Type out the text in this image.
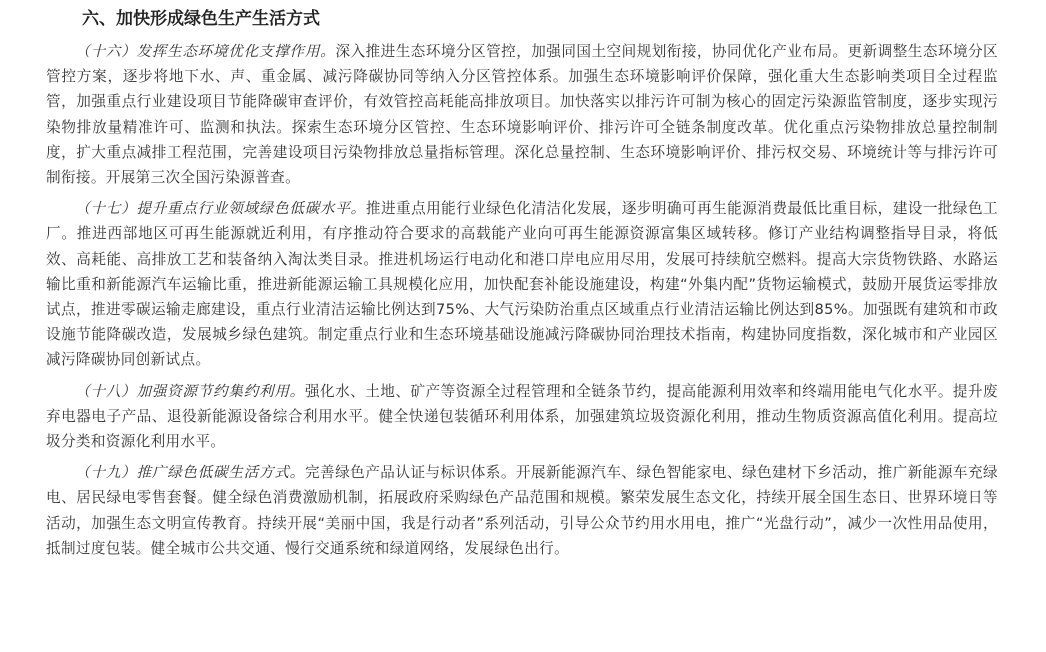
六、加快形成绿色生产生活方式

（十六）发挥生态环境优化支撑作用。深入推进生态环境分区管控，加强同国土空间规划衔接，协同优化产业布局。更新调整生态环境分区管控方案，逐步将地下水、声、重金属、减污降碳协同等纳入分区管控体系。加强生态环境影响评价保障，强化重大生态影响类项目全过程监管，加强重点行业建设项目节能降碳审查评价，有效管控高耗能高排放项目。加快落实以排污许可制为核心的固定污染源监管制度，逐步实现污染物排放量精准许可、监测和执法。探索生态环境分区管控、生态环境影响评价、排污许可全链条制度改革。优化重点污染物排放总量控制制度，扩大重点减排工程范围，完善建设项目污染物排放总量指标管理。深化总量控制、生态环境影响评价、排污权交易、环境统计等与排污许可制衔接。开展第三次全国污染源普查。

（十七）提升重点行业领域绿色低碳水平。推进重点用能行业绿色化清洁化发展，逐步明确可再生能源消费最低比重目标，建设一批绿色工厂。推进西部地区可再生能源就近利用，有序推动符合要求的高载能产业向可再生能源资源富集区域转移。修订产业结构调整指导目录，将低效、高耗能、高排放工艺和装备纳入淘汰类目录。推进机场运行电动化和港口岸电应用尽用，发展可持续航空燃料。提高大宗货物铁路、水路运输比重和新能源汽车运输比重，推进新能源运输工具规模化应用，加快配套补能设施建设，构建“外集内配”货物运输模式，鼓励开展货运零排放试点，推进零碳运输走廊建设，重点行业清洁运输比例达到75%、大气污染防治重点区域重点行业清洁运输比例达到85%。加强既有建筑和市政设施节能降碳改造，发展城乡绿色建筑。制定重点行业和生态环境基础设施减污降碳协同治理技术指南，构建协同度指数，深化城市和产业园区减污降碳协同创新试点。

（十八）加强资源节约集约利用。强化水、土地、矿产等资源全过程管理和全链条节约，提高能源利用效率和终端用能电气化水平。提升废弃电器电子产品、退役新能源设备综合利用水平。健全快递包装循环利用体系，加强建筑垃圾资源化利用，推动生物质资源高值化利用。提高垃圾分类和资源化利用水平。

（十九）推广绿色低碳生活方式。完善绿色产品认证与标识体系。开展新能源汽车、绿色智能家电、绿色建材下乡活动，推广新能源车充绿电、居民绿电零售套餐。健全绿色消费激励机制，拓展政府采购绿色产品范围和规模。繁荣发展生态文化，持续开展全国生态日、世界环境日等活动，加强生态文明宣传教育。持续开展“美丽中国，我是行动者”系列活动，引导公众节约用水用电，推广“光盘行动”，减少一次性用品使用，抵制过度包装。健全城市公共交通、慢行交通系统和绿道网络，发展绿色出行。
